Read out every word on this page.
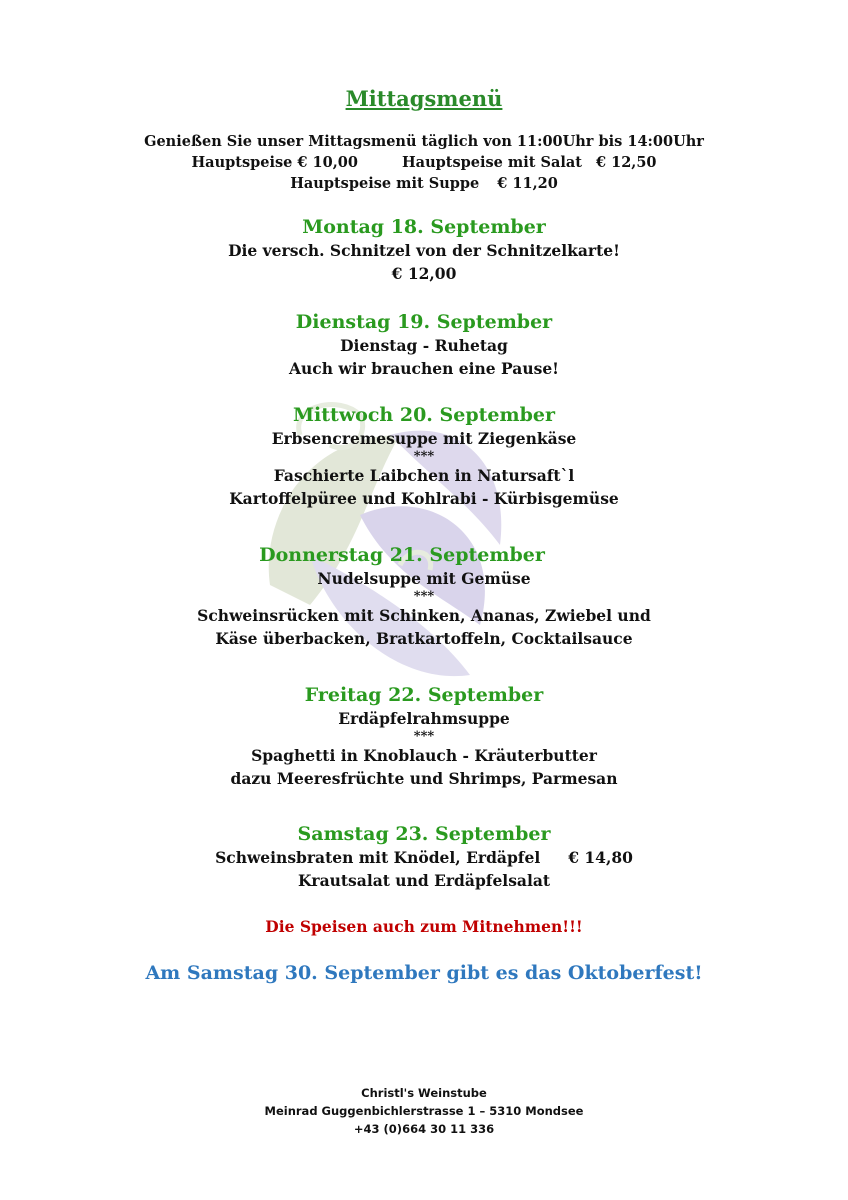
Mittagsmenü
Genießen Sie unser Mittagsmenü täglich von 11:00Uhr bis 14:00Uhr
Hauptspeise € 10,00	Hauptspeise mit Salat € 12,50
Hauptspeise mit Suppe € 11,20
Montag 18. September
Die versch. Schnitzel von der Schnitzelkarte!
€ 12,00
Dienstag 19. September
Dienstag - Ruhetag
Auch wir brauchen eine Pause!
Mittwoch 20. September
Erbsencremesuppe mit Ziegenkäse
***
Faschierte Laibchen in Natursaft`l
Kartoffelpüree und Kohlrabi - Kürbisgemüse
Donnerstag 21. September
Nudelsuppe mit Gemüse
***
Schweinsrücken mit Schinken, Ananas, Zwiebel und
Käse überbacken, Bratkartoffeln, Cocktailsauce
Freitag 22. September
Erdäpfelrahmsuppe
***
Spaghetti in Knoblauch - Kräuterbutter
dazu Meeresfrüchte und Shrimps, Parmesan
Samstag 23. September
Schweinsbraten mit Knödel, Erdäpfel € 14,80
Krautsalat und Erdäpfelsalat
Die Speisen auch zum Mitnehmen!!!
Am Samstag 30. September gibt es das Oktoberfest!
Christl's Weinstube
Meinrad Guggenbichlerstrasse 1 – 5310 Mondsee
+43 (0)664 30 11 336
